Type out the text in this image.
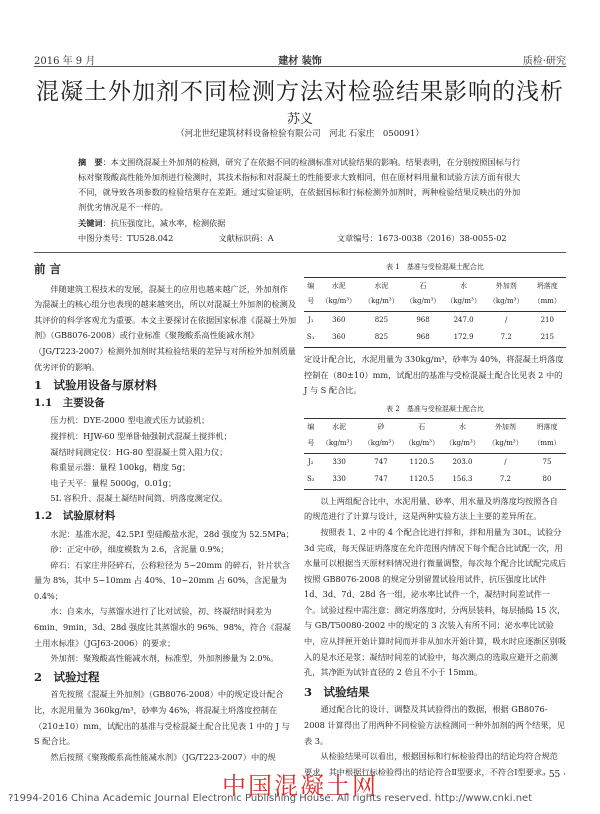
2016 年 9 月	建材 装饰	质检·研究
混凝土外加剂不同检测方法对检验结果影响的浅析
苏义
（河北世纪建筑材料设备检验有限公司　河北 石家庄　050091）
摘　要：本文围绕混凝土外加剂的检测，研究了在依据不同的检测标准对试验结果的影响。结果表明，在分别按照国标与行标对聚羧酸高性能外加剂进行检测时，其技术指标和对混凝土的性能要求大致相同，但在原材料用量和试验方法方面有很大不同，就导致各项参数的检验结果存在差距。通过实验证明，在依据国标和行标检测外加剂时，两种检验结果反映出的外加剂优劣情况是不一样的。
关键词：抗压强度比，减水率，检测依据
中图分类号：TU528.042	文献标识码：A	文章编号：1673-0038（2016）38-0055-02
前 言

伴随建筑工程技术的发展，混凝土的应用也越来越广泛，外加剂作为混凝土的核心组分也表现的越来越突出，所以对混凝土外加剂的检测及其评价的科学客观尤为重要。本文主要探讨在依据国家标准《混凝土外加剂》（GB8076-2008）或行业标准《聚羧酸系高性能减水剂》（JG/T223-2007）检测外加剂时其检验结果的差异与对所检外加剂质量优劣评价的影响。

1　试验用设备与原材料
1.1　主要设备

压力机：DYE-2000 型电液式压力试验机；

搅拌机：HJW-60 型单卧轴强制式混凝土搅拌机；

凝结时间测定仪：HG-80 型混凝土贯入阻力仪；

称重显示器：量程 100kg，精度 5g；

电子天平：量程 5000g，0.01g；

5L 容积升、混凝土凝结时间筒、坍落度测定仪。

1.2　试验原材料

水泥：基准水泥，42.5P.I 型硅酸盐水泥，28d 强度为 52.5MPa；

砂：正定中砂，细度模数为 2.6，含泥量 0.9%；

碎石：石家庄井陉碎石，公称粒径为 5~20mm 的碎石，针片状含量为 8%，其中 5~10mm 占 40%、10~20mm 占 60%，含泥量为 0.4%；

水：自来水，与蒸馏水进行了比对试验，初、终凝结时间差为 6min、9min，3d、28d 强度比其蒸馏水的 96%、98%，符合《混凝土用水标准》（JGJ63-2006）的要求；

外加剂：聚羧酸高性能减水剂，标准型，外加剂掺量为 2.0%。

2　试验过程

首先按照《混凝土外加剂》（GB8076-2008）中的规定设计配合比，水泥用量为 360kg/m³，砂率为 46%，将混凝土坍落度控制在（210±10）mm，试配出的基准与受检混凝土配合比见表 1 中的 J 与 S 配合比。

然后按照《聚羧酸系高性能减水剂》（JG/T223-2007）中的规

表 1　基准与受检混凝土配合比
编号	水泥（kg/m³）	水泥（kg/m³）	石（kg/m³）	水（kg/m³）	外加剂（kg/m³）	坍落度（mm）
J₁	360	825	968	247.0	/	210
S₁	360	825	968	172.9	7.2	215

定设计配合比，水泥用量为 330kg/m³，砂率为 40%，将混凝土坍落度控制在（80±10）mm，试配出的基准与受检混凝土配合比见表 2 中的 J 与 S 配合比。

表 2　基准与受检混凝土配合比
编号	水泥（kg/m³）	砂（kg/m³）	石（kg/m³）	水（kg/m³）	外加剂（kg/m³）	坍落度（mm）
J₂	330	747	1120.5	203.0	/	75
S₂	330	747	1120.5	156.3	7.2	80

以上两组配合比中，水泥用量、砂率、用水量及坍落度均按照各自的规范进行了计算与设计，这是两种实验方法上主要的差异所在。

按照表 1、2 中的 4 个配合比进行拌和，拌和用量为 30L，试验分 3d 完成，每天保证坍落度在允许范围内情况下每个配合比试配一次，用水量可以根据当天原材料情况进行微量调整，每次每个配合比试配完成后按照 GB8076-2008 的规定分别留置试验用试件，抗压强度比试件 1d、3d、7d、28d 各一组，泌水率比试件一个，凝结时间差试件一个。试验过程中需注意：测定坍落度时，分两层装料，每层插捣 15 次，与 GB/T50080-2002 中的规定的 3 次装入有所不同；泌水率比试验中，应从拌匣开始计算时间而并非从加水开始计算，吸水时应逐渐区别吸入的是水还是浆；凝结时间差的试验中，每次测点的选取应避开之前测孔，其净距为试针直径的 2 倍且不小于 15mm。

3　试验结果

通过配合比的设计、调整及其试验得出的数据，根据 GB8076-2008 计算得出了用两种不同检验方法检测同一种外加剂的两个结果，见表 3。

从检验结果可以看出，根据国标和行标检验得出的结论均符合规范要求，其中根据行标检验得出的结论符合Ⅱ型要求，不符合Ⅰ型要求。

中国混凝土网	· 55 ·
?1994-2016 China Academic Journal Electronic Publishing House. All rights reserved. http://www.cnki.net
